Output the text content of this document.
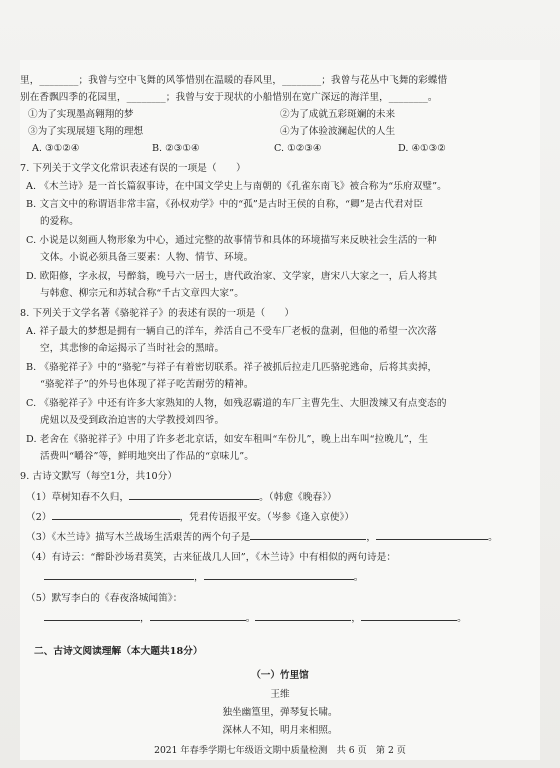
里，________；我曾与空中飞舞的风筝惜别在温暖的春风里，________；我曾与花丛中飞舞的彩蝶惜
别在香飘四季的花园里，________；我曾与安于现状的小船惜别在宽广深远的海洋里，________。
①为了实现墨高翱翔的梦	②为了成就五彩斑斓的未来
③为了实现展翅飞翔的理想	④为了体验波澜起伏的人生
A. ③①②④	B. ②③①④	C. ①②③④	D. ④①③②
7. 下列关于文学文化常识表述有误的一项是（　　）
A. 《木兰诗》是一首长篇叙事诗，在中国文学史上与南朝的《孔雀东南飞》被合称为“乐府双璧”。
B. 文言文中的称谓语非常丰富，《孙权劝学》中的“孤”是古时王侯的自称，“卿”是古代君对臣
的爱称。
C. 小说是以刻画人物形象为中心，通过完整的故事情节和具体的环境描写来反映社会生活的一种
文体。小说必须具备三要素：人物、情节、环境。
D. 欧阳修，字永叔，号醉翁，晚号六一居士，唐代政治家、文学家，唐宋八大家之一，后人将其
与韩愈、柳宗元和苏轼合称“千古文章四大家”。
8. 下列关于文学名著《骆驼祥子》的表述有误的一项是（　　）
A. 祥子最大的梦想是拥有一辆自己的洋车，养活自己不受车厂老板的盘剥，但他的希望一次次落
空，其悲惨的命运揭示了当时社会的黑暗。
B. 《骆驼祥子》中的“骆驼”与祥子有着密切联系。祥子被抓后拉走几匹骆驼逃命，后将其卖掉，
“骆驼祥子”的外号也体现了祥子吃苦耐劳的精神。
C. 《骆驼祥子》中还有许多大家熟知的人物，如残忍霸道的车厂主曹先生、大胆泼辣又有点变态的
虎妞以及受到政治迫害的大学教授刘四爷。
D. 老舍在《骆驼祥子》中用了许多老北京话，如安车租叫“车份儿”，晚上出车叫“拉晚儿”，生
活费叫“嚼谷”等，鲜明地突出了作品的“京味儿”。
9. 古诗文默写（每空1分，共10分）
（1）草树知春不久归，	。（韩愈《晚春》）
（2）	，凭君传语报平安。（岑参《逢入京使》）
（3）《木兰诗》描写木兰战场生活艰苦的两个句子是	，	。
（4）有诗云：“醉卧沙场君莫笑，古来征战几人回”，《木兰诗》中有相似的两句诗是：
，	。
（5）默写李白的《春夜洛城闻笛》：
，	。	，	。
二、古诗文阅读理解（本大题共18分）
（一）竹里馆
王维
独坐幽篁里，弹琴复长啸。
深林人不知，明月来相照。
2021 年春季学期七年级语文期中质量检测　共 6 页　第 2 页
